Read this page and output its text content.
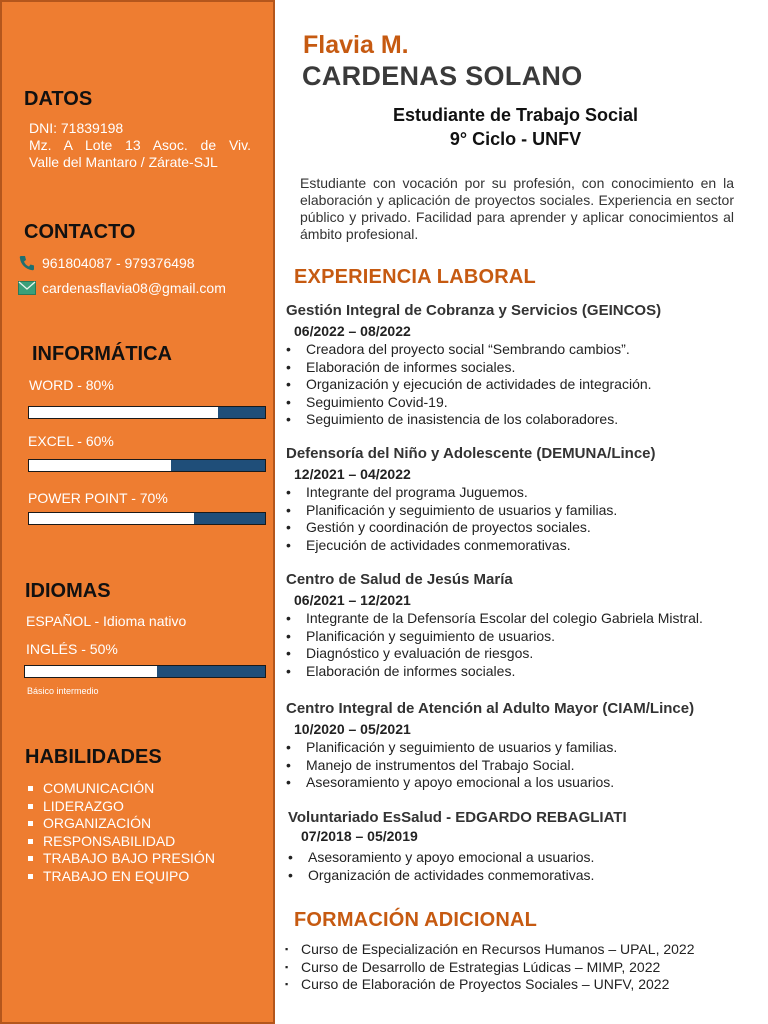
DATOS
DNI: 71839198
Mz. A Lote 13 Asoc. de Viv.
Valle del Mantaro / Zárate-SJL
CONTACTO
961804087 - 979376498
cardenasflavia08@gmail.com
INFORMÁTICA
WORD - 80%
EXCEL - 60%
POWER POINT - 70%
IDIOMAS
ESPAÑOL - Idioma nativo
INGLÉS - 50%
Básico intermedio
HABILIDADES
COMUNICACIÓN
LIDERAZGO
ORGANIZACIÓN
RESPONSABILIDAD
TRABAJO BAJO PRESIÓN
TRABAJO EN EQUIPO
Flavia M.
CARDENAS SOLANO
Estudiante de Trabajo Social
9° Ciclo - UNFV
Estudiante con vocación por su profesión, con conocimiento en la elaboración y aplicación de proyectos sociales. Experiencia en sector público y privado. Facilidad para aprender y aplicar conocimientos al ámbito profesional.
EXPERIENCIA LABORAL
Gestión Integral de Cobranza y Servicios (GEINCOS)
06/2022 – 08/2022
•	Creadora del proyecto social “Sembrando cambios”.
•	Elaboración de informes sociales.
•	Organización y ejecución de actividades de integración.
•	Seguimiento Covid-19.
•	Seguimiento de inasistencia de los colaboradores.
Defensoría del Niño y Adolescente (DEMUNA/Lince)
12/2021 – 04/2022
•	Integrante del programa Juguemos.
•	Planificación y seguimiento de usuarios y familias.
•	Gestión y coordinación de proyectos sociales.
•	Ejecución de actividades conmemorativas.
Centro de Salud de Jesús María
06/2021 – 12/2021
•	Integrante de la Defensoría Escolar del colegio Gabriela Mistral.
•	Planificación y seguimiento de usuarios.
•	Diagnóstico y evaluación de riesgos.
•	Elaboración de informes sociales.
Centro Integral de Atención al Adulto Mayor (CIAM/Lince)
10/2020 – 05/2021
•	Planificación y seguimiento de usuarios y familias.
•	Manejo de instrumentos del Trabajo Social.
•	Asesoramiento y apoyo emocional a los usuarios.
Voluntariado EsSalud - EDGARDO REBAGLIATI
07/2018 – 05/2019
•	Asesoramiento y apoyo emocional a usuarios.
•	Organización de actividades conmemorativas.
FORMACIÓN ADICIONAL
▪ Curso de Especialización en Recursos Humanos – UPAL, 2022
▪ Curso de Desarrollo de Estrategias Lúdicas – MIMP, 2022
▪ Curso de Elaboración de Proyectos Sociales – UNFV, 2022
